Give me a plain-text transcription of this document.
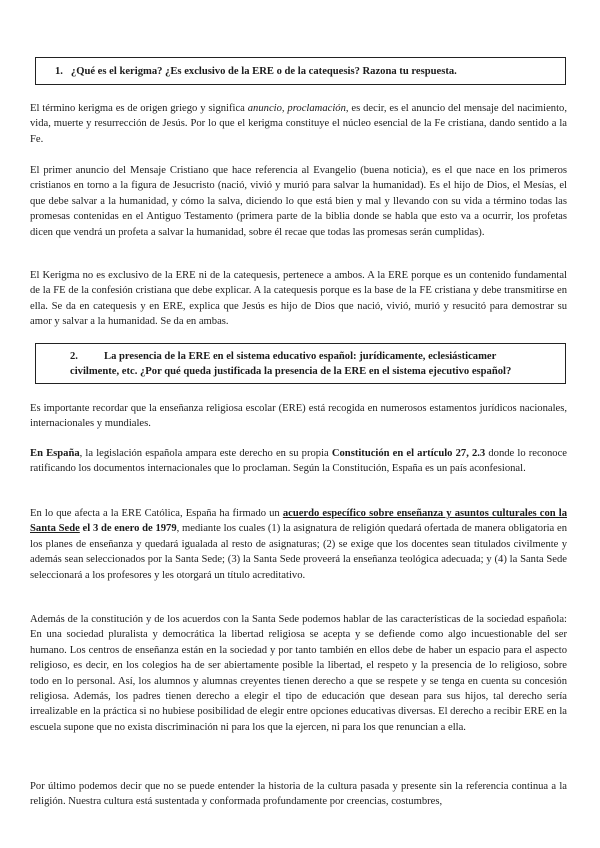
1. ¿Qué es el kerigma? ¿Es exclusivo de la ERE o de la catequesis? Razona tu respuesta.

El término kerigma es de origen griego y significa anuncio, proclamación, es decir, es el anuncio del mensaje del nacimiento, vida, muerte y resurrección de Jesús. Por lo que el kerigma constituye el núcleo esencial de la Fe cristiana, dando sentido a la Fe.

El primer anuncio del Mensaje Cristiano que hace referencia al Evangelio (buena noticia), es el que nace en los primeros cristianos en torno a la figura de Jesucristo (nació, vivió y murió para salvar la humanidad). Es el hijo de Dios, el Mesías, el que debe salvar a la humanidad, y cómo la salva, diciendo lo que está bien y mal y llevando con su vida a término todas las promesas contenidas en el Antiguo Testamento (primera parte de la biblia donde se habla que esto va a ocurrir, los profetas dicen que vendrá un profeta a salvar la humanidad, sobre él recae que todas las promesas serán cumplidas).

El Kerigma no es exclusivo de la ERE ni de la catequesis, pertenece a ambos. A la ERE porque es un contenido fundamental de la FE de la confesión cristiana que debe explicar. A la catequesis porque es la base de la FE cristiana y debe transmitirse en ella. Se da en catequesis y en ERE, explica que Jesús es hijo de Dios que nació, vivió, murió y resucitó para demostrar su amor y salvar a la humanidad. Se da en ambas.

2. La presencia de la ERE en el sistema educativo español: jurídicamente, eclesiásticamer
civilmente, etc. ¿Por qué queda justificada la presencia de la ERE en el sistema ejecutivo español?

Es importante recordar que la enseñanza religiosa escolar (ERE) está recogida en numerosos estamentos jurídicos nacionales, internacionales y mundiales.

En España, la legislación española ampara este derecho en su propia Constitución en el artículo 27, 2.3 donde lo reconoce ratificando los documentos internacionales que lo proclaman. Según la Constitución, España es un país aconfesional.

En lo que afecta a la ERE Católica, España ha firmado un acuerdo específico sobre enseñanza y asuntos culturales con la Santa Sede el 3 de enero de 1979, mediante los cuales (1) la asignatura de religión quedará ofertada de manera obligatoria en los planes de enseñanza y quedará igualada al resto de asignaturas; (2) se exige que los docentes sean titulados civilmente y además sean seleccionados por la Santa Sede; (3) la Santa Sede proveerá la enseñanza teológica adecuada; y (4) la Santa Sede seleccionará a los profesores y les otorgará un título acreditativo.

Además de la constitución y de los acuerdos con la Santa Sede podemos hablar de las características de la sociedad española: En una sociedad pluralista y democrática la libertad religiosa se acepta y se defiende como algo incuestionable del ser humano. Los centros de enseñanza están en la sociedad y por tanto también en ellos debe de haber un espacio para el aspecto religioso, es decir, en los colegios ha de ser abiertamente posible la libertad, el respeto y la presencia de lo religioso, sobre todo en lo personal. Así, los alumnos y alumnas creyentes tienen derecho a que se respete y se tenga en cuenta su concesión religiosa. Además, los padres tienen derecho a elegir el tipo de educación que desean para sus hijos, tal derecho sería irrealizable en la práctica si no hubiese posibilidad de elegir entre opciones educativas diversas. El derecho a recibir ERE en la escuela supone que no exista discriminación ni para los que la ejercen, ni para los que renuncian a ella.

Por último podemos decir que no se puede entender la historia de la cultura pasada y presente sin la referencia continua a la religión. Nuestra cultura está sustentada y conformada profundamente por creencias, costumbres,
